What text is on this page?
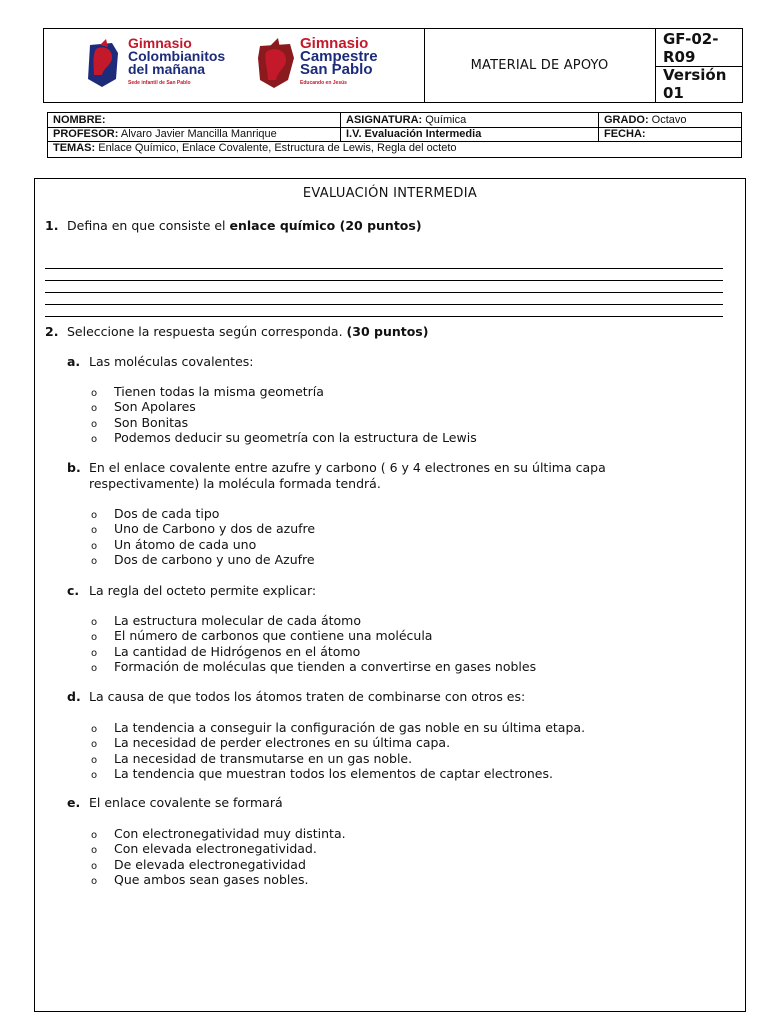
Gimnasio
Colombianitos
del mañana
Sede infantil de San Pablo
Gimnasio
Campestre
San Pablo
Educando en Jesús
MATERIAL DE APOYO
GF-02-R09
Versión 01
NOMBRE:	ASIGNATURA: Química	GRADO: Octavo
PROFESOR: Alvaro Javier Mancilla Manrique	I.V. Evaluación Intermedia	FECHA:
TEMAS: Enlace Químico, Enlace Covalente, Estructura de Lewis, Regla del octeto
EVALUACIÓN INTERMEDIA
1. Defina en que consiste el enlace químico (20 puntos)
2. Seleccione la respuesta según corresponda. (30 puntos)
a. Las moléculas covalentes:
o Tienen todas la misma geometría
o Son Apolares
o Son Bonitas
o Podemos deducir su geometría con la estructura de Lewis
b. En el enlace covalente entre azufre y carbono ( 6 y 4 electrones en su última capa
respectivamente) la molécula formada tendrá.
o Dos de cada tipo
o Uno de Carbono y dos de azufre
o Un átomo de cada uno
o Dos de carbono y uno de Azufre
c. La regla del octeto permite explicar:
o La estructura molecular de cada átomo
o El número de carbonos que contiene una molécula
o La cantidad de Hidrógenos en el átomo
o Formación de moléculas que tienden a convertirse en gases nobles
d. La causa de que todos los átomos traten de combinarse con otros es:
o La tendencia a conseguir la configuración de gas noble en su última etapa.
o La necesidad de perder electrones en su última capa.
o La necesidad de transmutarse en un gas noble.
o La tendencia que muestran todos los elementos de captar electrones.
e. El enlace covalente se formará
o Con electronegatividad muy distinta.
o Con elevada electronegatividad.
o De elevada electronegatividad
o Que ambos sean gases nobles.
